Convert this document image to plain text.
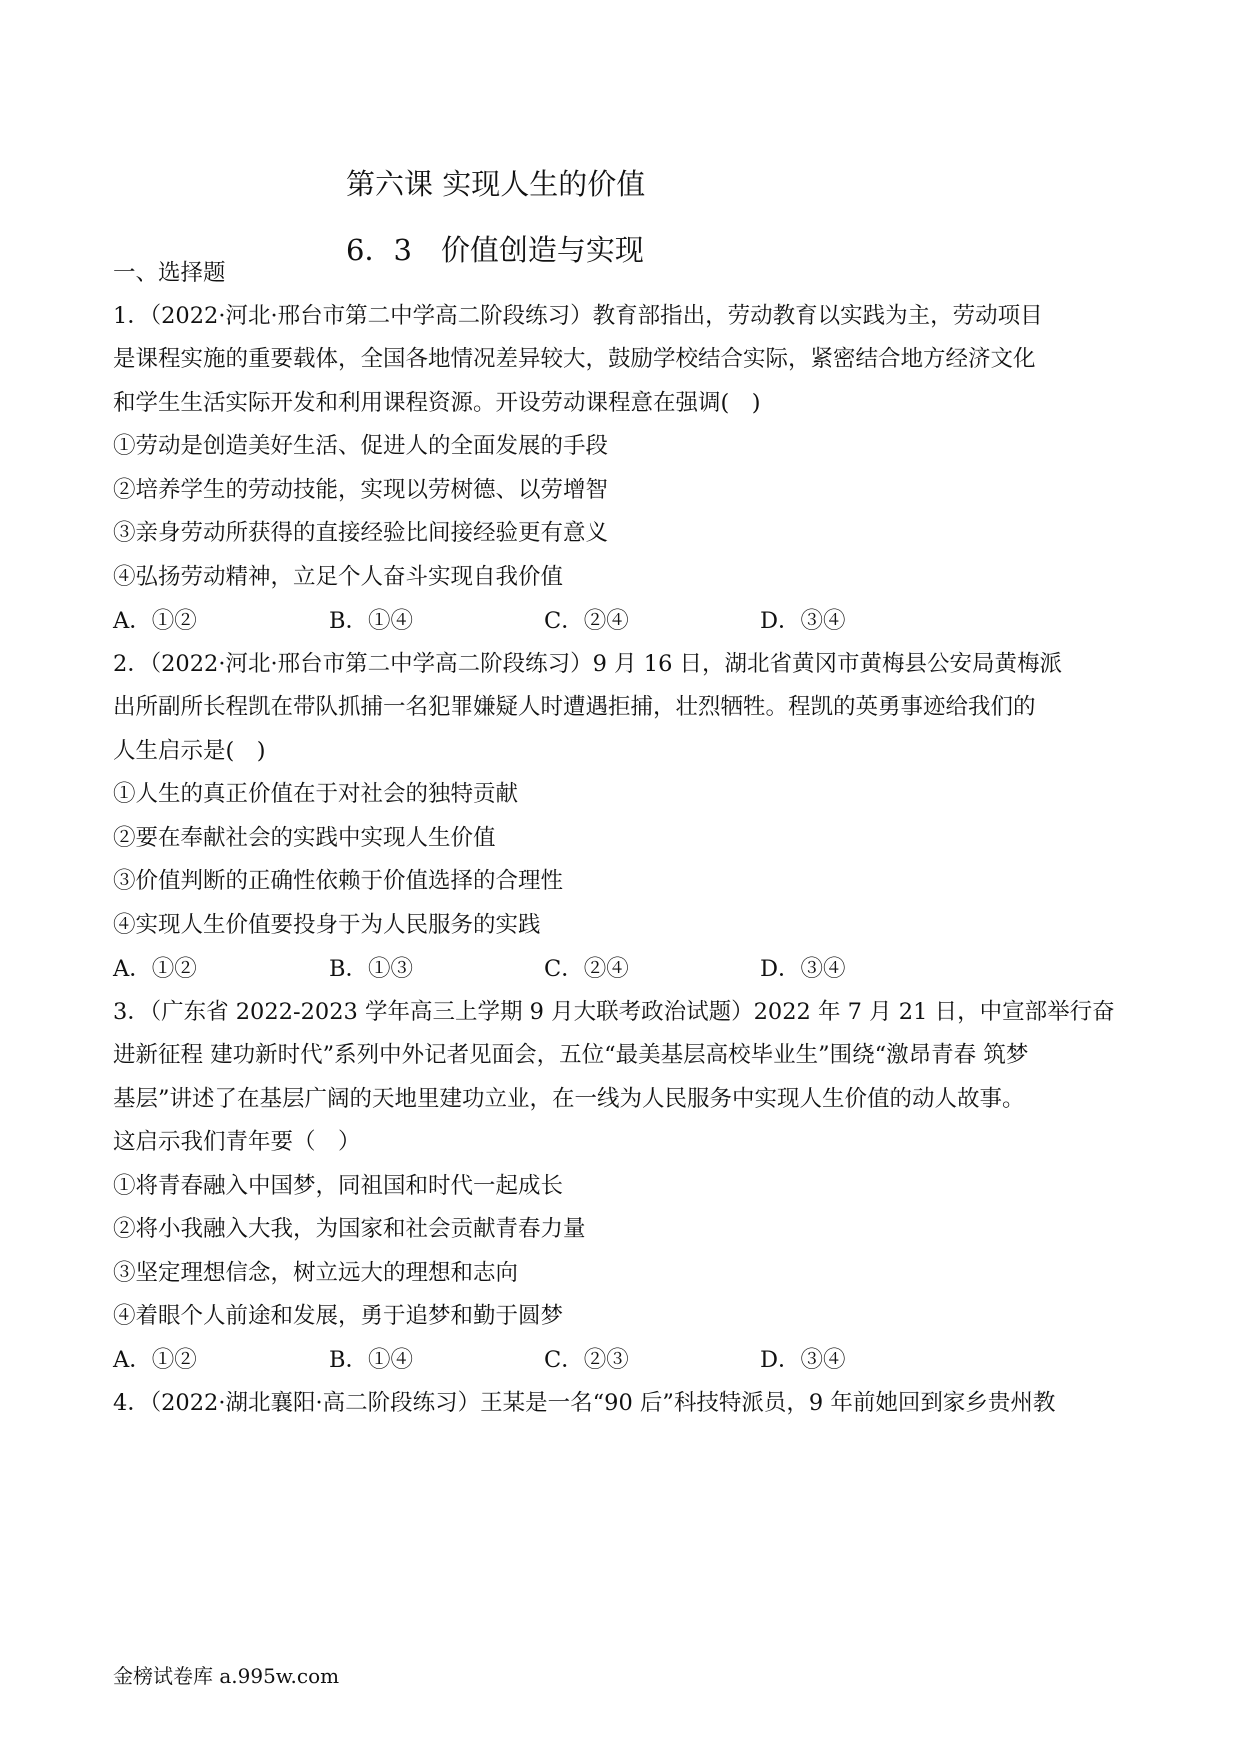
第六课 实现人生的价值
6．3　价值创造与实现
一、选择题
1．（2022·河北·邢台市第二中学高二阶段练习）教育部指出，劳动教育以实践为主，劳动项目
是课程实施的重要载体，全国各地情况差异较大，鼓励学校结合实际，紧密结合地方经济文化
和学生生活实际开发和利用课程资源。开设劳动课程意在强调(　)
①劳动是创造美好生活、促进人的全面发展的手段
②培养学生的劳动技能，实现以劳树德、以劳增智
③亲身劳动所获得的直接经验比间接经验更有意义
④弘扬劳动精神，立足个人奋斗实现自我价值
A．①②	B．①④	C．②④	D．③④
2．（2022·河北·邢台市第二中学高二阶段练习）9 月 16 日，湖北省黄冈市黄梅县公安局黄梅派
出所副所长程凯在带队抓捕一名犯罪嫌疑人时遭遇拒捕，壮烈牺牲。程凯的英勇事迹给我们的
人生启示是(　)
①人生的真正价值在于对社会的独特贡献
②要在奉献社会的实践中实现人生价值
③价值判断的正确性依赖于价值选择的合理性
④实现人生价值要投身于为人民服务的实践
A．①②	B．①③	C．②④	D．③④
3．（广东省 2022-2023 学年高三上学期 9 月大联考政治试题）2022 年 7 月 21 日，中宣部举行奋
进新征程 建功新时代”系列中外记者见面会，五位“最美基层高校毕业生”围绕“激昂青春 筑梦
基层”讲述了在基层广阔的天地里建功立业，在一线为人民服务中实现人生价值的动人故事。
这启示我们青年要（　）
①将青春融入中国梦，同祖国和时代一起成长
②将小我融入大我，为国家和社会贡献青春力量
③坚定理想信念，树立远大的理想和志向
④着眼个人前途和发展，勇于追梦和勤于圆梦
A．①②	B．①④	C．②③	D．③④
4．（2022·湖北襄阳·高二阶段练习）王某是一名“90 后”科技特派员，9 年前她回到家乡贵州教
金榜试卷库 a.995w.com
